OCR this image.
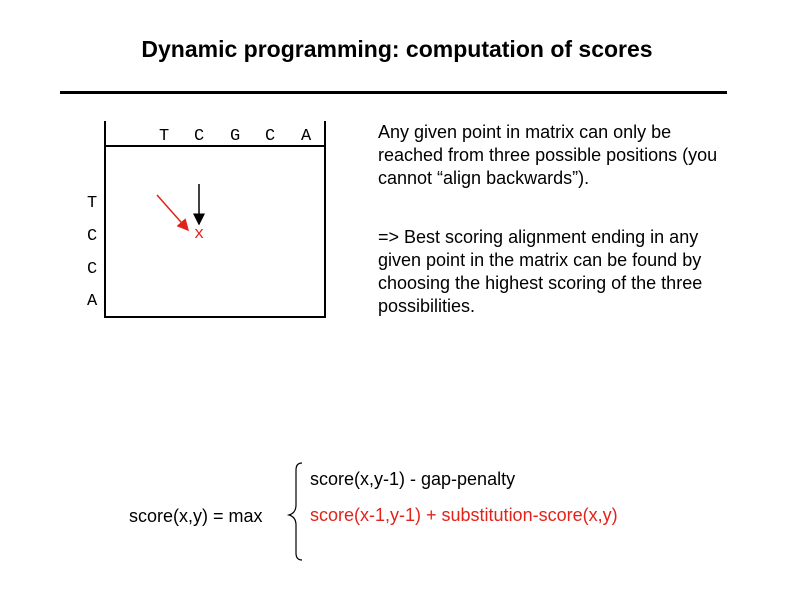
Dynamic programming: computation of scores
T C G C A
T
C
C
A
x
Any given point in matrix can only be reached from three possible positions (you cannot “align backwards”).
=> Best scoring alignment ending in any given point in the matrix can be found by choosing the highest scoring of the three possibilities.
score(x,y) = max
score(x,y-1) - gap-penalty
score(x-1,y-1) + substitution-score(x,y)
